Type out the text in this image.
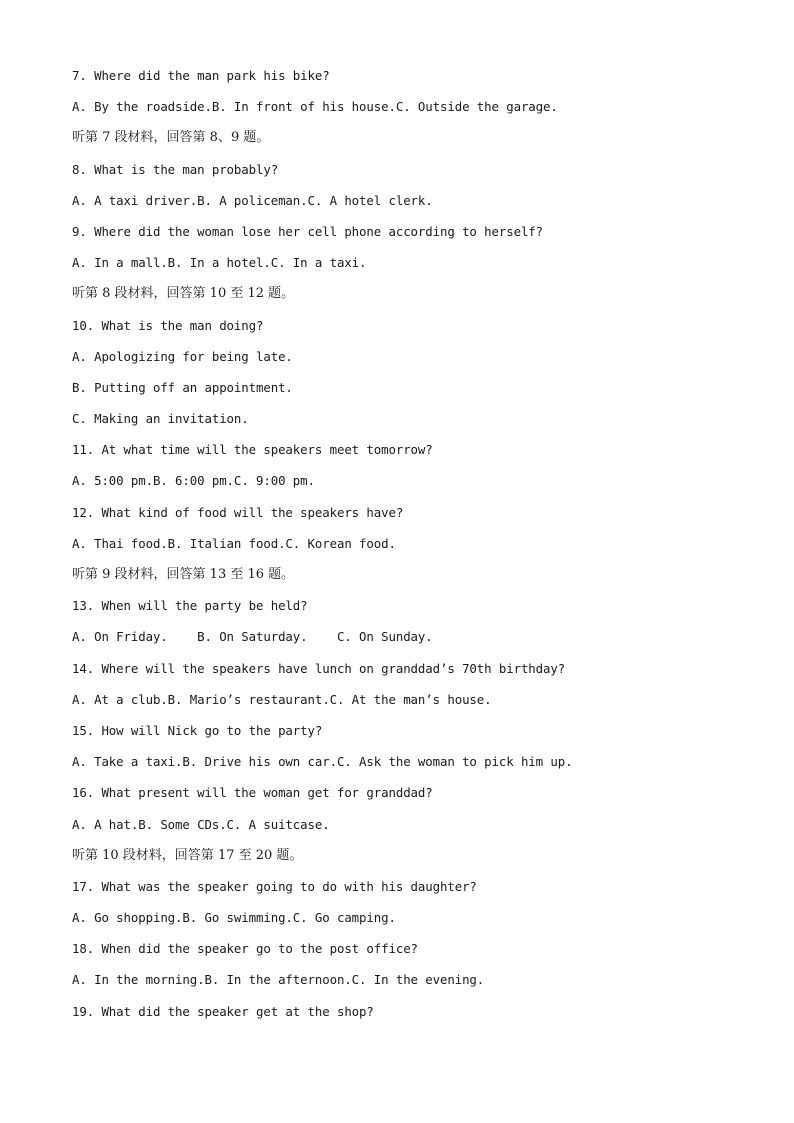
7. Where did the man park his bike?
A. By the roadside.B. In front of his house.C. Outside the garage.
听第 7 段材料，回答第 8、9 题。
8. What is the man probably?
A. A taxi driver.B. A policeman.C. A hotel clerk.
9. Where did the woman lose her cell phone according to herself?
A. In a mall.B. In a hotel.C. In a taxi.
听第 8 段材料，回答第 10 至 12 题。
10. What is the man doing?
A. Apologizing for being late.
B. Putting off an appointment.
C. Making an invitation.
11. At what time will the speakers meet tomorrow?
A. 5:00 pm.B. 6:00 pm.C. 9:00 pm.
12. What kind of food will the speakers have?
A. Thai food.B. Italian food.C. Korean food.
听第 9 段材料，回答第 13 至 16 题。
13. When will the party be held?
A. On Friday.    B. On Saturday.    C. On Sunday.
14. Where will the speakers have lunch on granddad’s 70th birthday?
A. At a club.B. Mario’s restaurant.C. At the man’s house.
15. How will Nick go to the party?
A. Take a taxi.B. Drive his own car.C. Ask the woman to pick him up.
16. What present will the woman get for granddad?
A. A hat.B. Some CDs.C. A suitcase.
听第 10 段材料，回答第 17 至 20 题。
17. What was the speaker going to do with his daughter?
A. Go shopping.B. Go swimming.C. Go camping.
18. When did the speaker go to the post office?
A. In the morning.B. In the afternoon.C. In the evening.
19. What did the speaker get at the shop?
